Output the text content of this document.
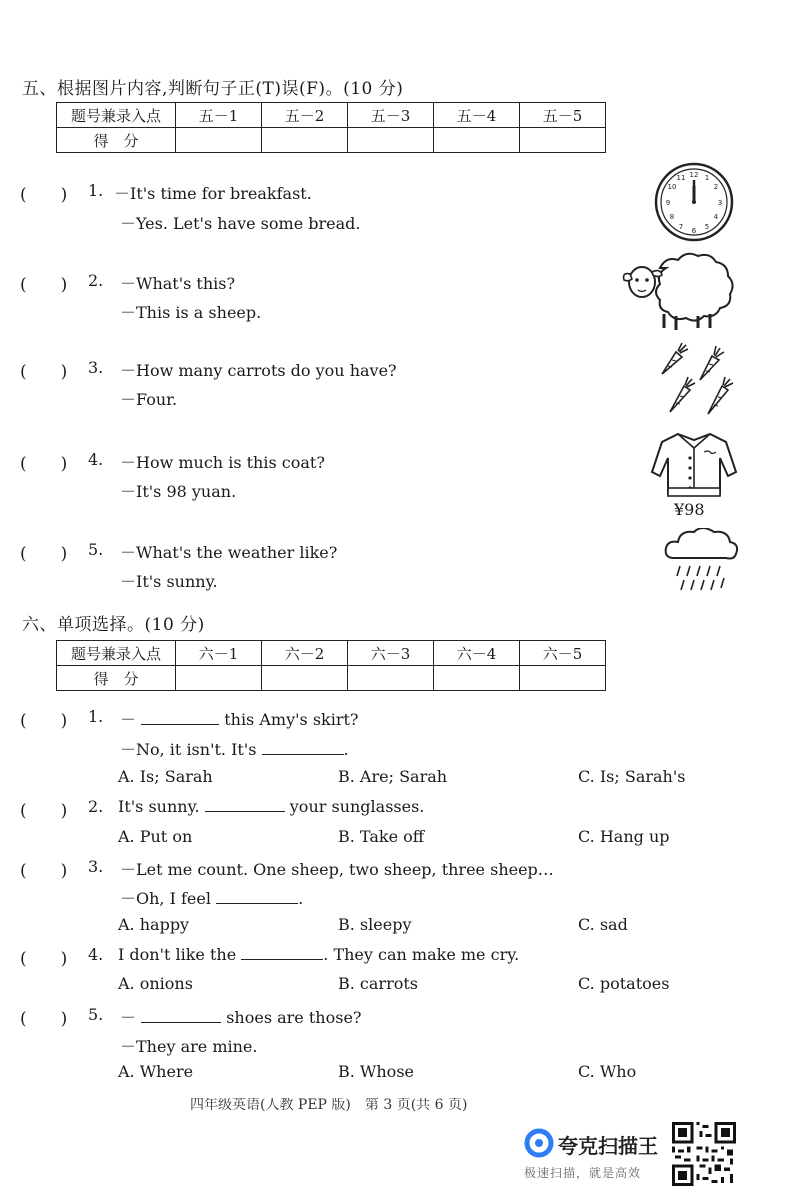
五、根据图片内容,判断句子正(T)误(F)。(10 分)
题号兼录入点	五－1	五－2	五－3	五－4	五－5
得　分					
(　　) 1. －It's time for breakfast.
－Yes. Let's have some bread.
(　　) 2. －What's this?
－This is a sheep.
(　　) 3. －How many carrots do you have?
－Four.
(　　) 4. －How much is this coat?
－It's 98 yuan.
(　　) 5. －What's the weather like?
－It's sunny.
12 1
2
3
4
5
6
7
8
9
10
11
¥98
六、单项选择。(10 分)
题号兼录入点	六－1	六－2	六－3	六－4	六－5
得　分					
(　　) 1. －	this Amy's skirt?
－No, it isn't. It's	.
A. Is; Sarah	B. Are; Sarah	C. Is; Sarah's
(　　) 2. It's sunny.	your sunglasses.
A. Put on	B. Take off	C. Hang up
(　　) 3. －Let me count. One sheep, two sheep, three sheep…
－Oh, I feel	.
A. happy	B. sleepy	C. sad
(　　) 4. I don't like the	. They can make me cry.
A. onions	B. carrots	C. potatoes
(　　) 5. －	shoes are those?
－They are mine.
A. Where	B. Whose	C. Who
四年级英语(人教 PEP 版)　第 3 页(共 6 页)
夸克扫描王
极速扫描，就是高效
